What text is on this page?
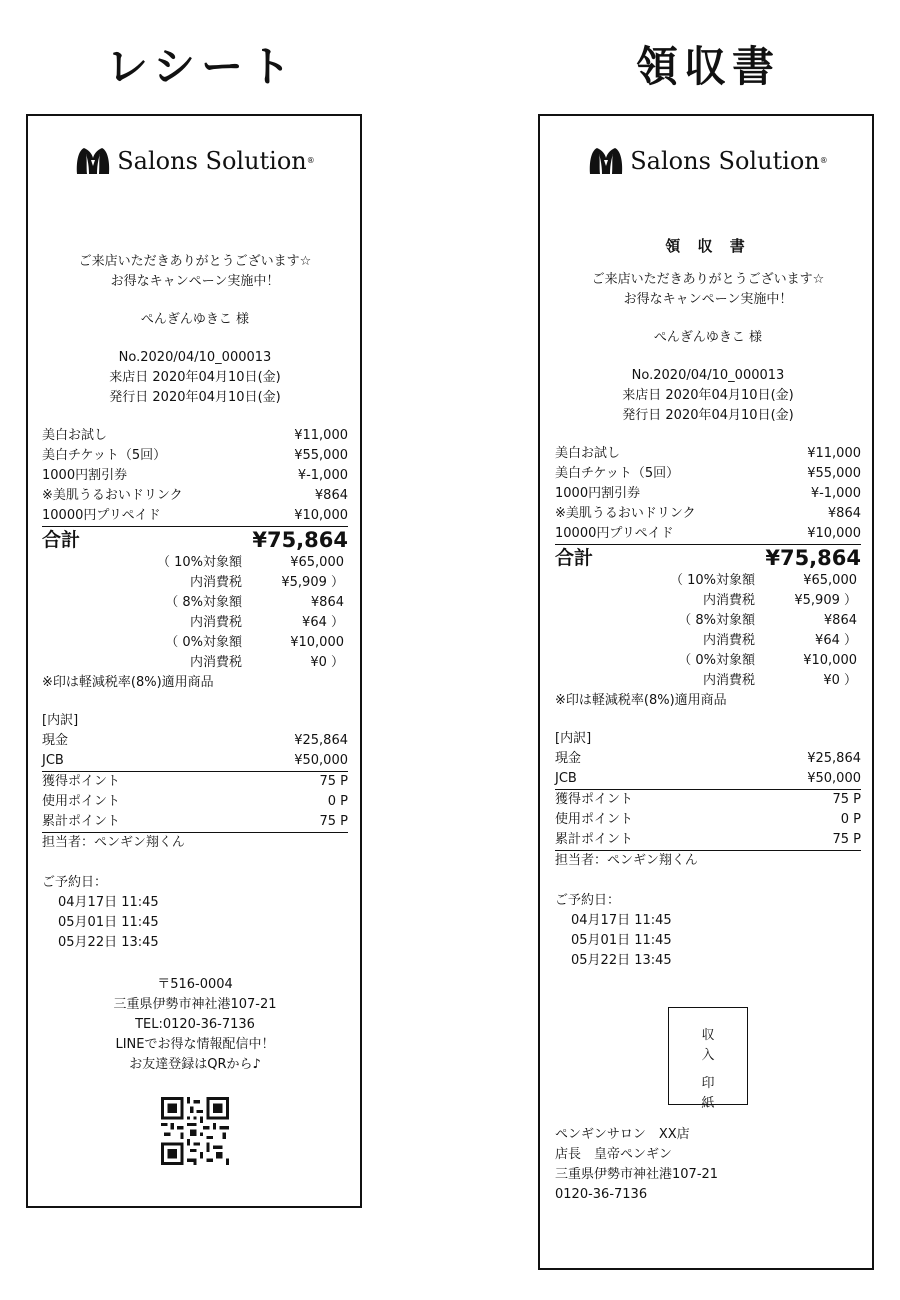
レシート	領収書
Salons Solution ®
ご来店いただきありがとうございます☆
お得なキャンペーン実施中！
ぺんぎんゆきこ 様
No.2020/04/10_000013
来店日 2020年04月10日(金)
発行日 2020年04月10日(金)
美白お試し	¥11,000
美白チケット（5回）	¥55,000
1000円割引券	¥-1,000
※美肌うるおいドリンク	¥864
10000円プリペイド	¥10,000
合計	¥75,864
（ 10%対象額	¥65,000
内消費税	¥5,909 ）
（ 8%対象額	¥864
内消費税	¥64 ）
（ 0%対象額	¥10,000
内消費税	¥0 ）
※印は軽減税率(8%)適用商品
[内訳]
現金	¥25,864
JCB	¥50,000
獲得ポイント	75 P
使用ポイント	0 P
累計ポイント	75 P
担当者：ペンギン翔くん
ご予約日：
04月17日 11:45
05月01日 11:45
05月22日 13:45
〒516-0004
三重県伊勢市神社港107-21
TEL:0120-36-7136
LINEでお得な情報配信中！
お友達登録はQRから♪
Salons Solution ®
領 収 書
ご来店いただきありがとうございます☆
お得なキャンペーン実施中！
ぺんぎんゆきこ 様
No.2020/04/10_000013
来店日 2020年04月10日(金)
発行日 2020年04月10日(金)
美白お試し	¥11,000
美白チケット（5回）	¥55,000
1000円割引券	¥-1,000
※美肌うるおいドリンク	¥864
10000円プリペイド	¥10,000
合計	¥75,864
（ 10%対象額	¥65,000
内消費税	¥5,909 ）
（ 8%対象額	¥864
内消費税	¥64 ）
（ 0%対象額	¥10,000
内消費税	¥0 ）
※印は軽減税率(8%)適用商品
[内訳]
現金	¥25,864
JCB	¥50,000
獲得ポイント	75 P
使用ポイント	0 P
累計ポイント	75 P
担当者：ペンギン翔くん
ご予約日：
04月17日 11:45
05月01日 11:45
05月22日 13:45
収入
印紙
ペンギンサロン　XX店
店長　皇帝ペンギン
三重県伊勢市神社港107-21
0120-36-7136
